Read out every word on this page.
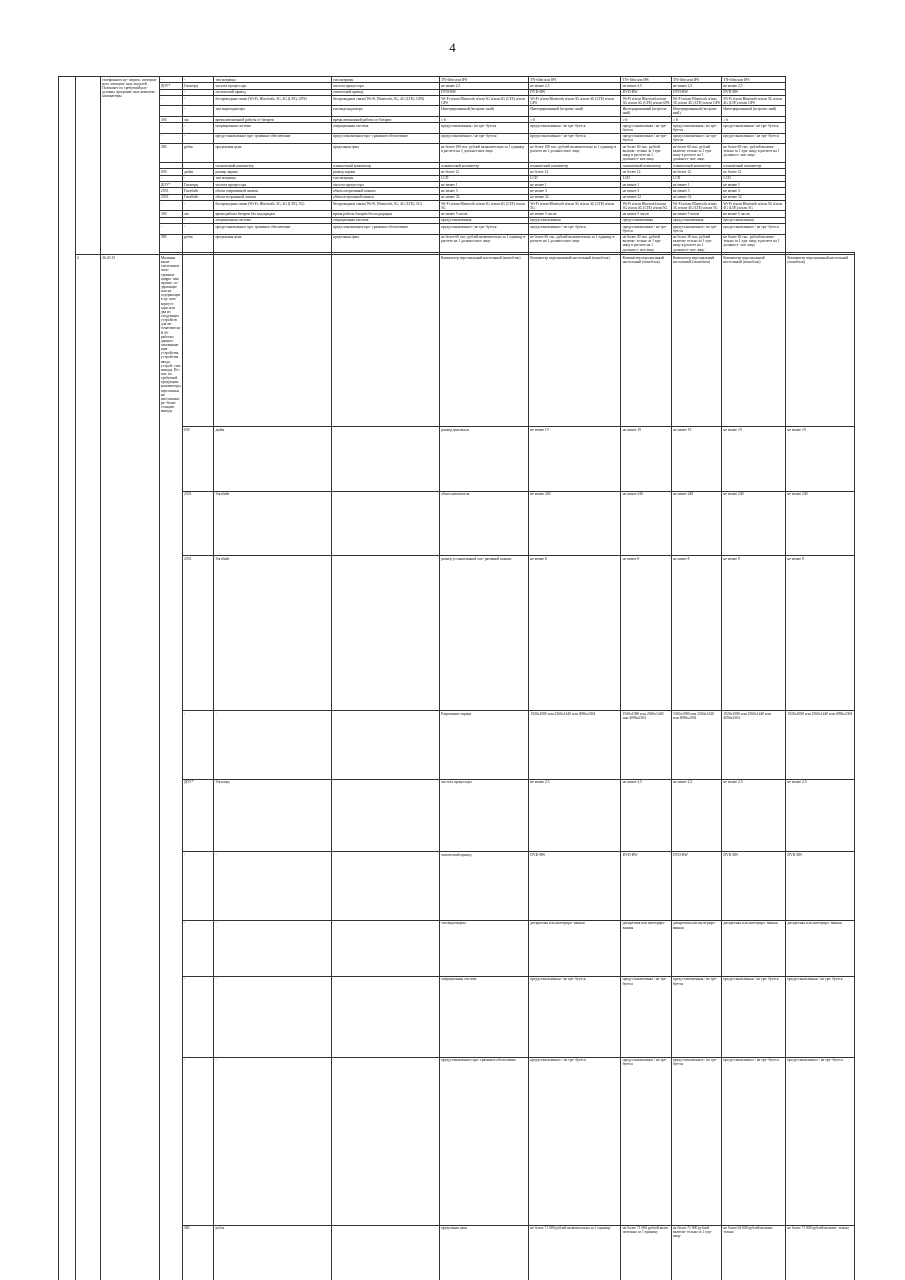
4
		телефонного ну- мерато, электрон- ного электрон- ных модулей. Позволяет по требуемой раз- душных программ- ных комплекс компьютеры	-	-	тип матрицы		тип матрицы	TN+film или IPS	TN+film или IPS	TN+film или IPS	TN+film или IPS	TN+film или IPS	
			ДОУ*	Гигагерц	частота процессора		частота процессора	не менее 2,5	не менее 2,5	не менее 2,5	не менее 2,5	не менее 2,5	
			-	-	оптический привод		оптический привод	DVD-RW	DVD-RW	DVD-RW	DVD-RW	DVD-RW	
			-	-	беспроводные связи (Wi-Fi, Bluetooth, 3G, 4G (LTE), GPS)		беспроводные связи (Wi-Fi, Bluetooth, 3G, 4G (LTE), GPS)	Wi-Fi и/или Bluetooth и/или 3G и/или 4G (LTE) и/или GPS	Wi-Fi и/или Bluetooth и/или 3G и/или 4G (LTE) и/или GPS	Wi-Fi и/или Bluetooth и/или 3G и/или 4G (LTE) и/или GPS	Wi-Fi и/или Bluetooth и/или 3G и/или 4G (LTE) и/или GPS	Wi-Fi и/или Bluetooth и/или 3G и/или 4G (LTE) и/или GPS	
			-	-	тип видеоадаптера		тип видеоадаптера	Интегрированный (встроен- ный)	Интегрированный (встроен- ный)	Интегрированный (встроен- ный)	Интегрированный (встроен- ный)	Интегрированный (встроен- ный)	
			356	час	время автономной работы от батареи		время автономной работы от батареи	≥ 6	≥ 6	≥ 6	≥ 6	≥ 6	
			-	-	операционная система		операционная система	предустановленная / не тре- буется	предустановленная / не тре- буется	предустановленная / не тре- буется	предустановленная / не тре- буется	предустановленная / не тре- буется	
			-	-	предустановленное про- граммное обеспечение		предустановленное про- граммное обеспечение	предустановленное / не тре- буется	предустановленное / не тре- буется	предустановленное / не тре- буется	предустановленное / не тре- буется	предустановленное / не тре- буется	
			383	рубль	предельная цена		предельная цена	не более 100 тыс. рублей включительно за 1 единицу в расчете на 1 должностное лицо	не более 100 тыс. рублей включительно за 1 единицу в расчете на 1 должностное лицо	не более 60 тыс. рублей включи- тельно за 1 еди- ницу в расчете на 1 должност- ное лицо	не более 60 тыс. рублей включи- тельно за 1 еди- ницу в расчете на 1 должност- ное лицо	не более 60 тыс. рублей включи- тельно за 1 еди- ницу в расчете на 1 должност- ное лицо	
					планшетный компьютер		планшетный компьютер	планшетный компьютер	планшетный компьютер	планшетный компьютер	планшетный компьютер	планшетный компьютер	
			039	дюйм	размер экрана		размер экрана	не более 12	не более 12	не более 12	не более 12	не более 12	
			-	-	тип матрицы		тип матрицы	LCD	LCD	LCD	LCD	LCD	
			ДОУ*	Гигагерц	частота процессора		частота процессора	не менее 1	не менее 1	не менее 1	не менее 1	не менее 1	
			2553	Гигабайт	объем оперативной памяти		объем оперативной памяти	не менее 3	не менее 3	не менее 3	не менее 3	не менее 3	
			2553	Гигабайт	объем встроенной памяти		объем встроенной памяти	не менее 32	не менее 32	не менее 32	не менее 32	не менее 32	
			-	-	беспроводные связи (Wi-Fi, Bluetooth, 3G, 4G (LTE), 5G)		беспроводные связи (Wi-Fi, Bluetooth, 3G, 4G (LTE), 5G)	Wi-Fi и/или Bluetooth и/или 3G и/или 4G (LTE) и/или 5G	Wi-Fi и/или Bluetooth и/или 3G и/или 4G (LTE) и/или 5G	Wi-Fi и/или Bluetooth и/или 3G и/или 4G (LTE) и/или 5G	Wi-Fi и/или Bluetooth и/или 3G и/или 4G (LTE) и/или 5G	Wi-Fi и/или Bluetooth и/или 3G и/или 4G (LTE) и/или 5G	
			356	час	время работы батареи без подзарядки		время работы батареи без подзарядки	не менее 5 часов	не менее 5 часов	не менее 5 часов	не менее 5 часов	не менее 5 часов	
			-	-	операционная система		операционная система	предустановленная	предустановленная	предустановленная	предустановленная	предустановленная	
			-	-	предустановленное про- граммное обеспечение		предустановленное про- граммное обеспечение	предустановленное / не тре- буется	предустановленное / не тре- буется	предустановленное / не тре- буется	предустановленное / не тре- буется	предустановленное / не тре- буется	
			383	рубль	предельная цена		предельная цена	не более 60 тыс. рублей включительно за 1 единицу в расчете на 1 должностное лицо	не более 60 тыс. рублей включительно за 1 единицу в расчете на 1 должностное лицо	не более 30 тыс. рублей включи- тельно за 1 еди- ницу в расчете на 1 должност- ное лицо	не более 30 тыс. рублей включи- тельно за 1 еди- ницу в расчете на 1 должност- ное лицо	не более 30 тыс. рублей включи- тельно за 1 еди- ницу в расчете на 1 должност- ное лицо	

	2	26.20.15	Машины вычи- слительные элек- тронные цифро- вые прочие, со- держащие или не содержащие в од- ном корпусе одно или два из следующих устройств для ав- томатической об- работки данных: запоминающие устройства, устройства ввода, устрой- ства вывода. По- ясн. по требуемой продукции: компьютеры персональные настольные, ра- бочие станции вывода					Компьютер персональный настольный (моноблок)	Компьютер персональный настольный (моноблок)	Компьютер персональный настольный (моноблок)	Компьютер персональный настольный (моноблок)	Компьютер персональный настольный (моноблок)	Компьютер персональный настольный (моноблок)
				039	дюйм			размер диагонали	не менее 19	не менее 19	не менее 19	не менее 19	не менее 19
				2553	Гигабайт			объем накопителя	не менее 240	не менее 240	не менее 240	не менее 240	не менее 240
				2553	Гигабайт			размер установленной опе- ративной памяти	не менее 8	не менее 8	не менее 8	не менее 8	не менее 8
				-	-			Разрешение экрана	1920x1080 или 2560x1440 или 4096x2304	1920x1080 или 2560x1440 или 4096x2304	1920x1080 или 2560x1440 или 4096x2304	1920x1080 или 2560x1440 или 4096x2304	1920x1080 или 2560x1440 или 4096x2304
				ДОУ*	Гигагерц			частота процессора	не менее 2,5	не менее 2,5	не менее 2,5	не менее 2,5	не менее 2,5
				-	-			оптический привод	DVD-RW	DVD-RW	DVD-RW	DVD-RW	DVD-RW
				-	-			тип видеокарты	дискретная или интегриро- ванная	дискретная или интегриро- ванная	дискретная или интегриро- ванная	дискретная или интегриро- ванная	дискретная или интегриро- ванная
				-	-			операционная система	предустановленная / не тре- буется	предустановленная / не тре- буется	предустановленная / не тре- буется	предустановленная / не тре- буется	предустановленная / не тре- буется
				-	-			предустановленное про- граммное обеспечение	предустановленное / не тре- буется	предустановленное / не тре- буется	предустановленное / не тре- буется	предустановленное / не тре- буется	предустановленное / не тре- буется
				383	рубль			предельная цена	не более 71 900 рублей включительно за 1 единицу	не более 71 900 рублей вклю- чительно за 1 единицу	не более 71 900 рублей включи- тельно за 1 еди- ницу	не более 64 000 рублей включи- тельно	не более 71 900 рублей включи- тельно
